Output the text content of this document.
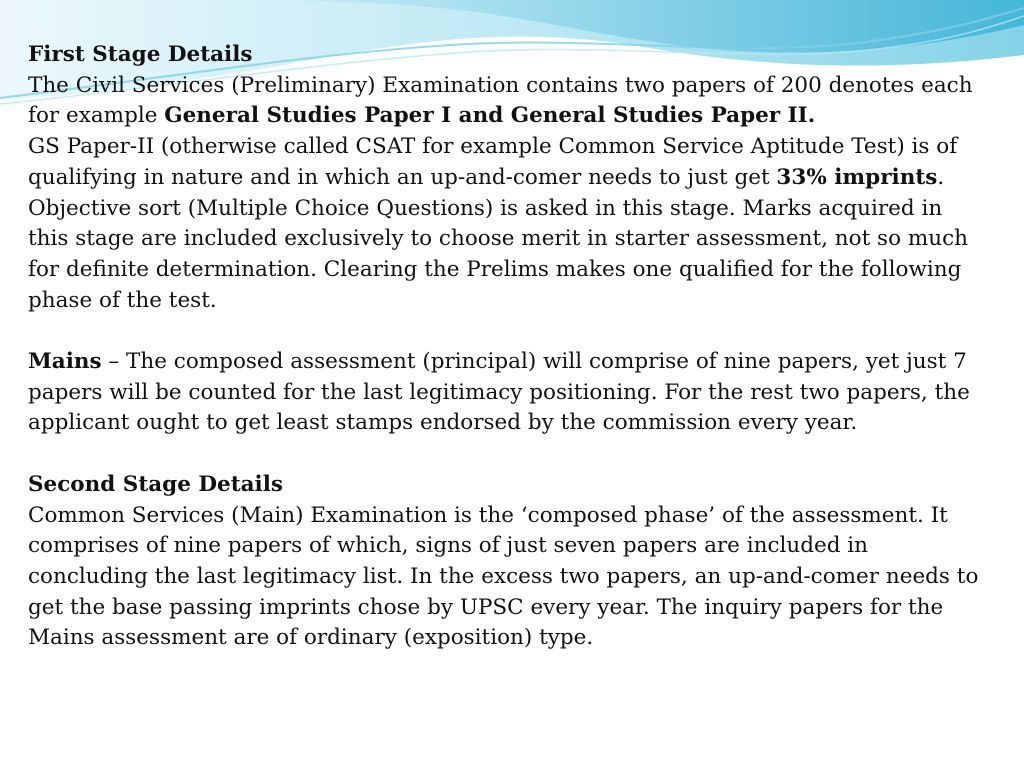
First Stage Details

The Civil Services (Preliminary) Examination contains two papers of 200 denotes each for example General Studies Paper I and General Studies Paper II.

GS Paper-II (otherwise called CSAT for example Common Service Aptitude Test) is of qualifying in nature and in which an up-and-comer needs to just get 33% imprints.

Objective sort (Multiple Choice Questions) is asked in this stage. Marks acquired in this stage are included exclusively to choose merit in starter assessment, not so much for definite determination. Clearing the Prelims makes one qualified for the following phase of the test.

Mains – The composed assessment (principal) will comprise of nine papers, yet just 7 papers will be counted for the last legitimacy positioning. For the rest two papers, the applicant ought to get least stamps endorsed by the commission every year.

Second Stage Details

Common Services (Main) Examination is the ‘composed phase’ of the assessment. It comprises of nine papers of which, signs of just seven papers are included in concluding the last legitimacy list. In the excess two papers, an up-and-comer needs to get the base passing imprints chose by UPSC every year. The inquiry papers for the Mains assessment are of ordinary (exposition) type.
